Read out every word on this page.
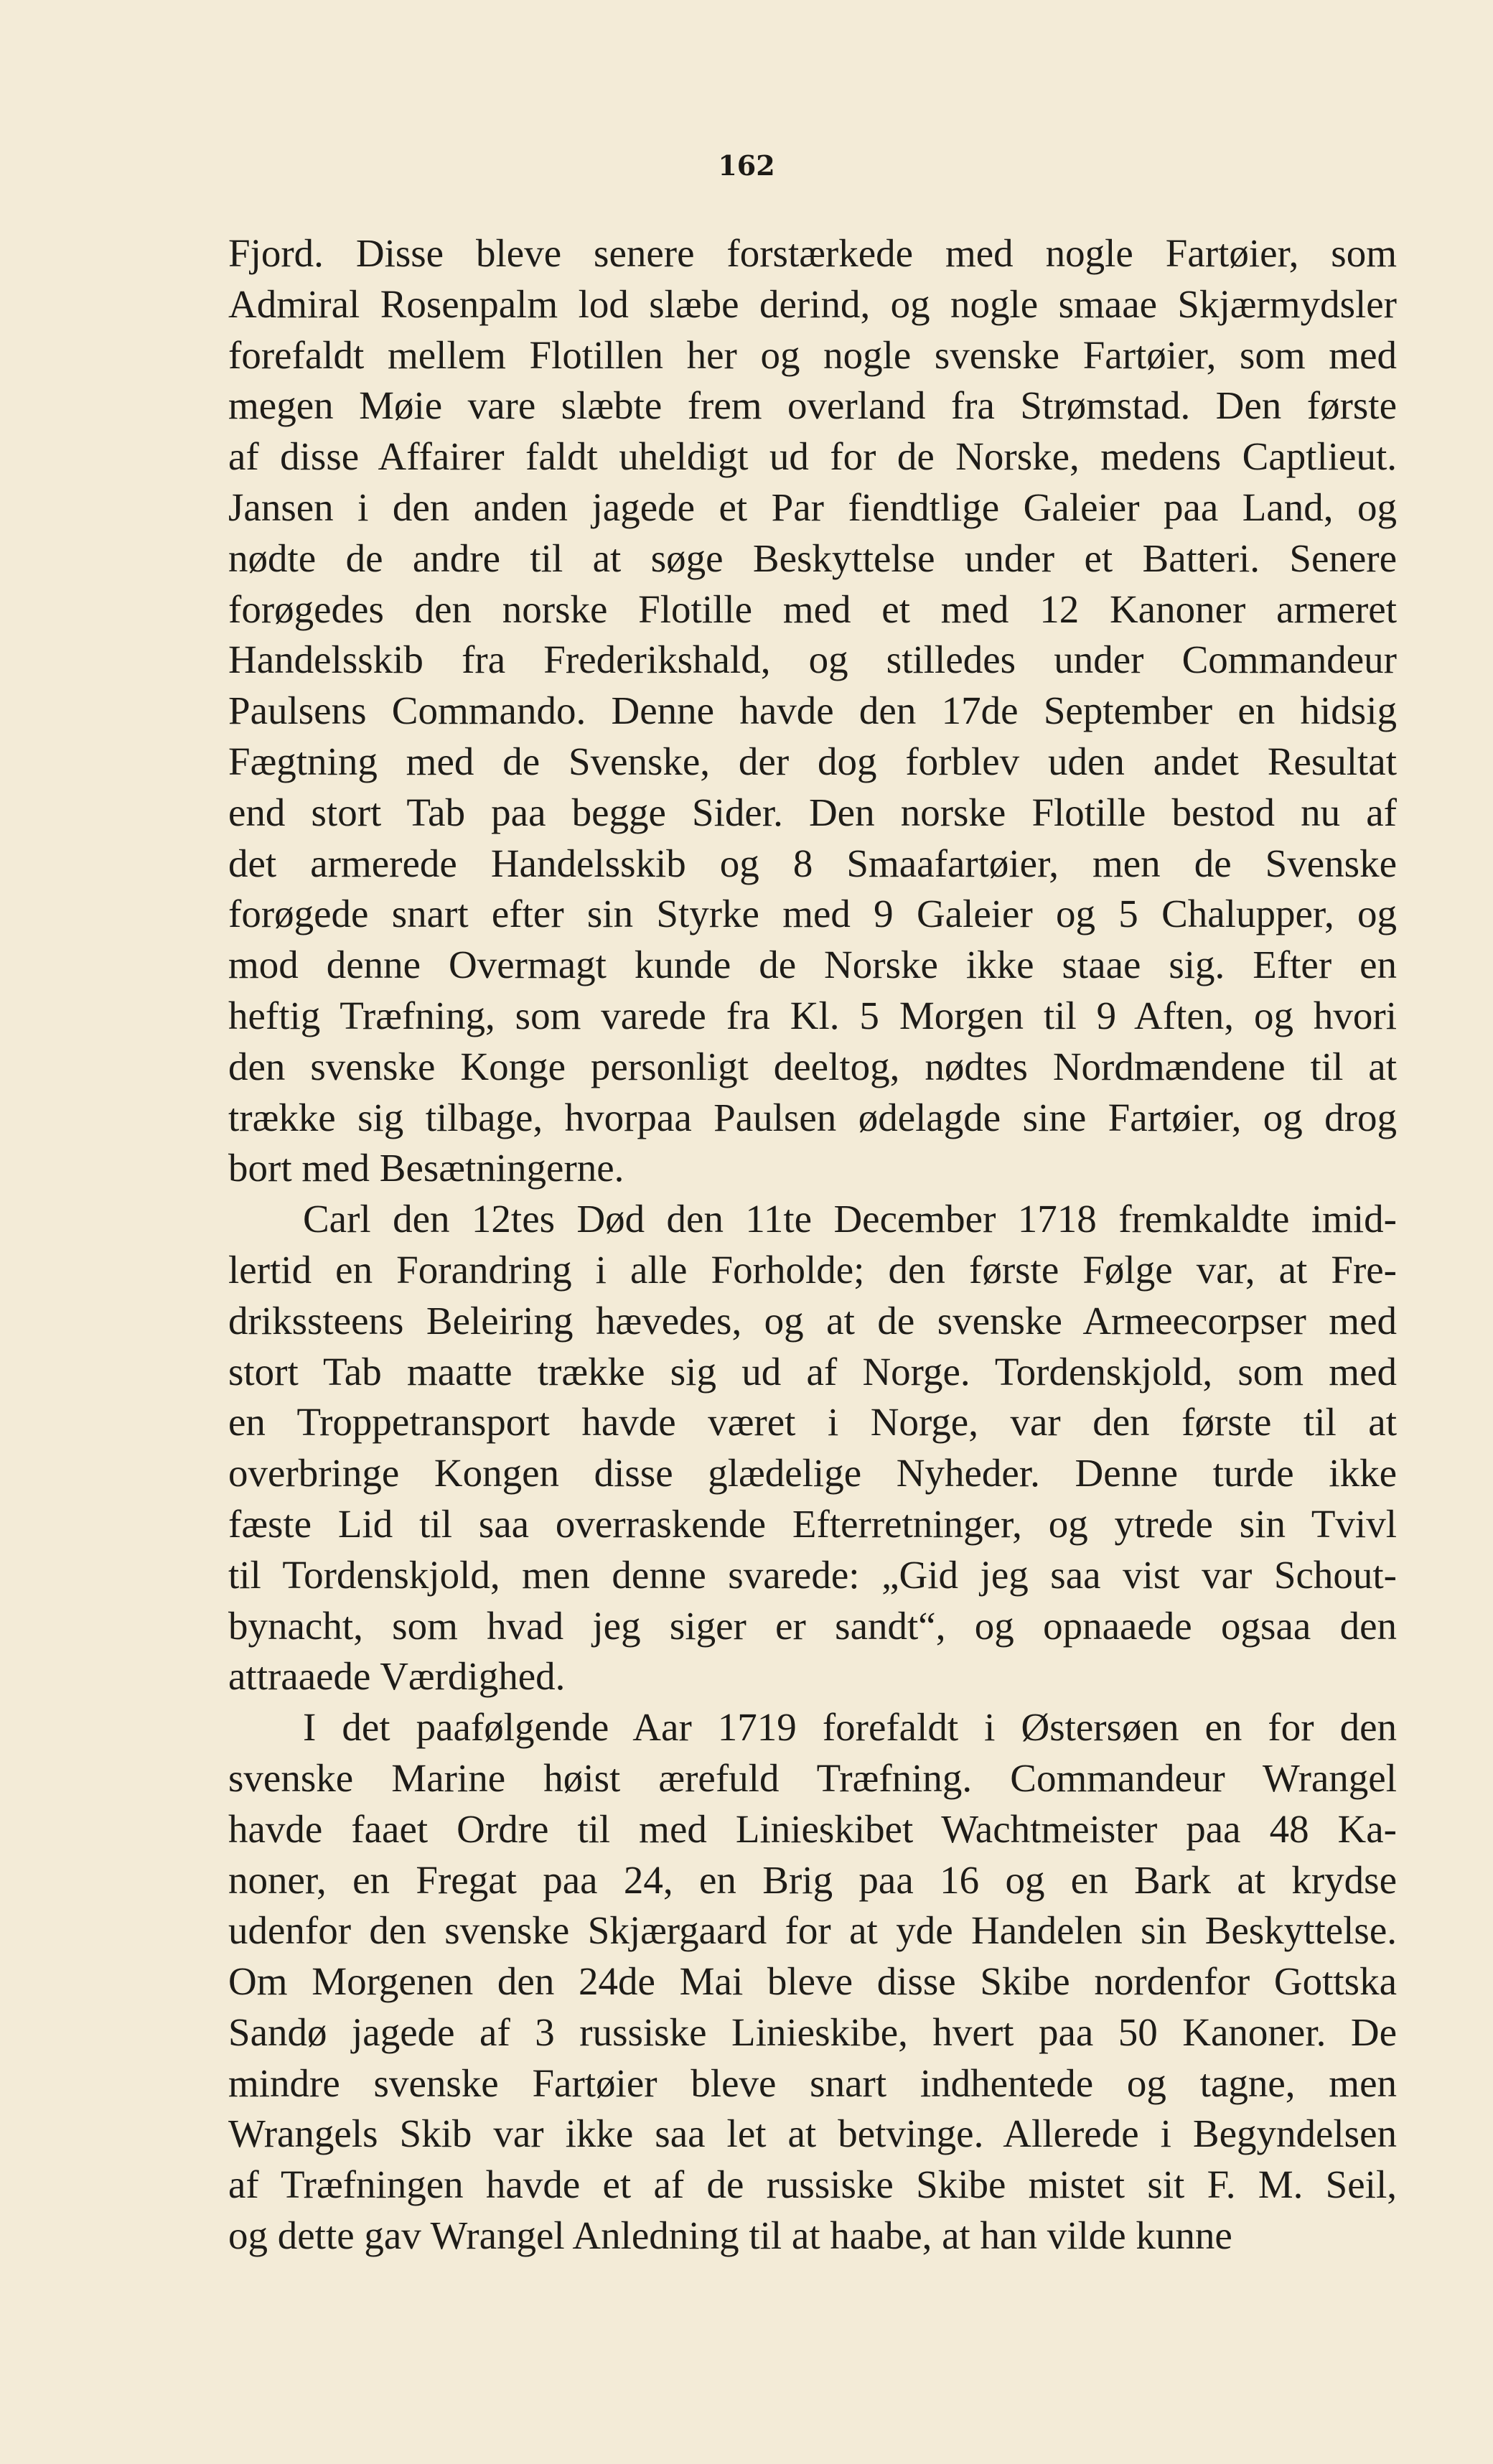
162
Fjord. Disse bleve senere forstærkede med nogle Fartøier, som
Admiral Rosenpalm lod slæbe derind, og nogle smaae Skjærmydsler
forefaldt mellem Flotillen her og nogle svenske Fartøier, som med
megen Møie vare slæbte frem overland fra Strømstad. Den første
af disse Affairer faldt uheldigt ud for de Norske, medens Captlieut.
Jansen i den anden jagede et Par fiendtlige Galeier paa Land, og
nødte de andre til at søge Beskyttelse under et Batteri. Senere
forøgedes den norske Flotille med et med 12 Kanoner armeret
Handelsskib fra Frederikshald, og stilledes under Commandeur
Paulsens Commando. Denne havde den 17de September en hidsig
Fægtning med de Svenske, der dog forblev uden andet Resultat
end stort Tab paa begge Sider. Den norske Flotille bestod nu af
det armerede Handelsskib og 8 Smaafartøier, men de Svenske
forøgede snart efter sin Styrke med 9 Galeier og 5 Chalupper, og
mod denne Overmagt kunde de Norske ikke staae sig. Efter en
heftig Træfning, som varede fra Kl. 5 Morgen til 9 Aften, og hvori
den svenske Konge personligt deeltog, nødtes Nordmændene til at
trække sig tilbage, hvorpaa Paulsen ødelagde sine Fartøier, og drog
bort med Besætningerne.
Carl den 12tes Død den 11te December 1718 fremkaldte imid-
lertid en Forandring i alle Forholde; den første Følge var, at Fre-
drikssteens Beleiring hævedes, og at de svenske Armeecorpser med
stort Tab maatte trække sig ud af Norge. Tordenskjold, som med
en Troppetransport havde været i Norge, var den første til at
overbringe Kongen disse glædelige Nyheder. Denne turde ikke
fæste Lid til saa overraskende Efterretninger, og ytrede sin Tvivl
til Tordenskjold, men denne svarede: „Gid jeg saa vist var Schout-
bynacht, som hvad jeg siger er sandt“, og opnaaede ogsaa den
attraaede Værdighed.
I det paafølgende Aar 1719 forefaldt i Østersøen en for den
svenske Marine høist ærefuld Træfning. Commandeur Wrangel
havde faaet Ordre til med Linieskibet Wachtmeister paa 48 Ka-
noner, en Fregat paa 24, en Brig paa 16 og en Bark at krydse
udenfor den svenske Skjærgaard for at yde Handelen sin Beskyttelse.
Om Morgenen den 24de Mai bleve disse Skibe nordenfor Gottska
Sandø jagede af 3 russiske Linieskibe, hvert paa 50 Kanoner. De
mindre svenske Fartøier bleve snart indhentede og tagne, men
Wrangels Skib var ikke saa let at betvinge. Allerede i Begyndelsen
af Træfningen havde et af de russiske Skibe mistet sit F. M. Seil,
og dette gav Wrangel Anledning til at haabe, at han vilde kunne
